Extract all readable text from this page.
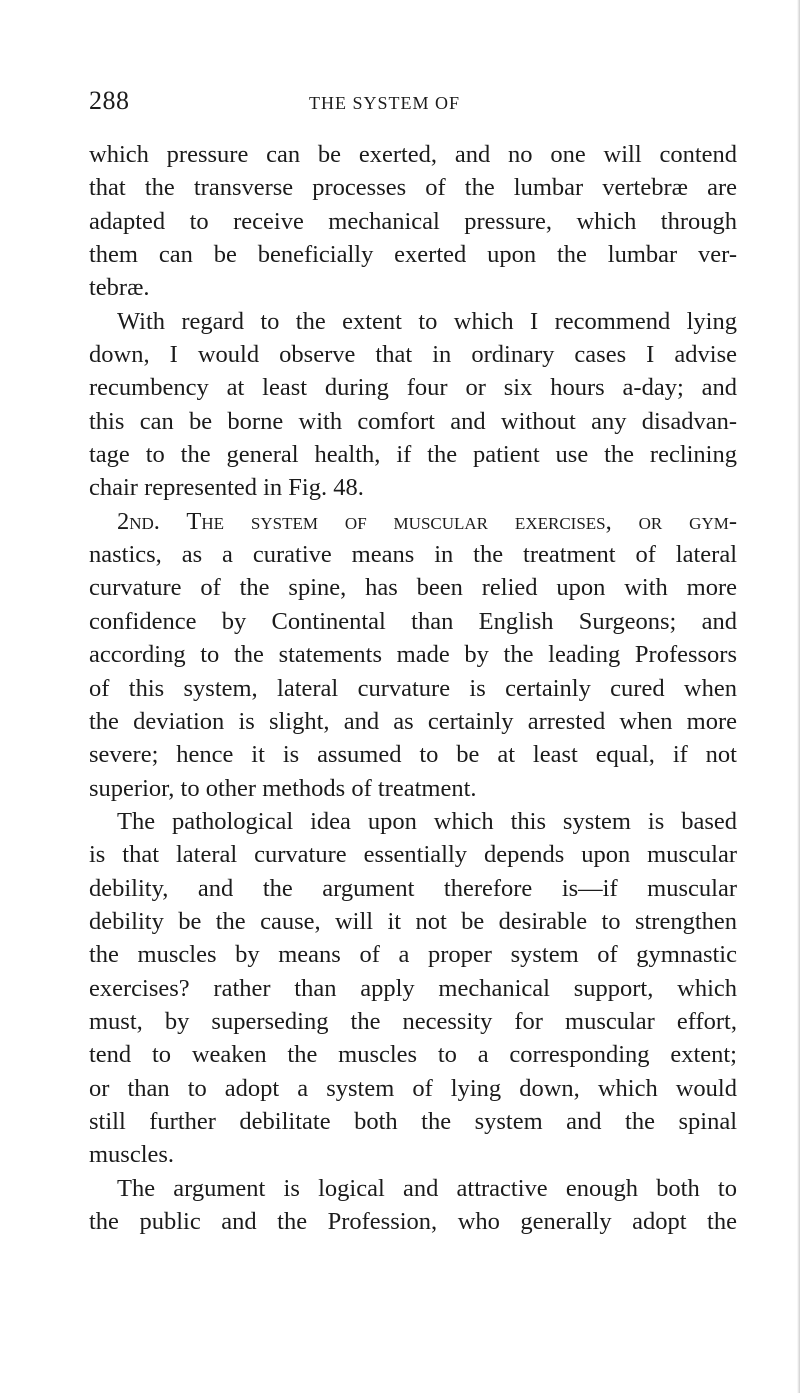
288	THE SYSTEM OF
which pressure can be exerted, and no one will contend
that the transverse processes of the lumbar vertebræ are
adapted to receive mechanical pressure, which through
them can be beneficially exerted upon the lumbar ver-
tebræ.
With regard to the extent to which I recommend lying
down, I would observe that in ordinary cases I advise
recumbency at least during four or six hours a-day; and
this can be borne with comfort and without any disadvan-
tage to the general health, if the patient use the reclining
chair represented in Fig. 48.
2nd. The system of muscular exercises, or gym-
nastics, as a curative means in the treatment of lateral
curvature of the spine, has been relied upon with more
confidence by Continental than English Surgeons; and
according to the statements made by the leading Professors
of this system, lateral curvature is certainly cured when
the deviation is slight, and as certainly arrested when more
severe; hence it is assumed to be at least equal, if not
superior, to other methods of treatment.
The pathological idea upon which this system is based
is that lateral curvature essentially depends upon muscular
debility, and the argument therefore is—if muscular
debility be the cause, will it not be desirable to strengthen
the muscles by means of a proper system of gymnastic
exercises? rather than apply mechanical support, which
must, by superseding the necessity for muscular effort,
tend to weaken the muscles to a corresponding extent;
or than to adopt a system of lying down, which would
still further debilitate both the system and the spinal
muscles.
The argument is logical and attractive enough both to
the public and the Profession, who generally adopt the
